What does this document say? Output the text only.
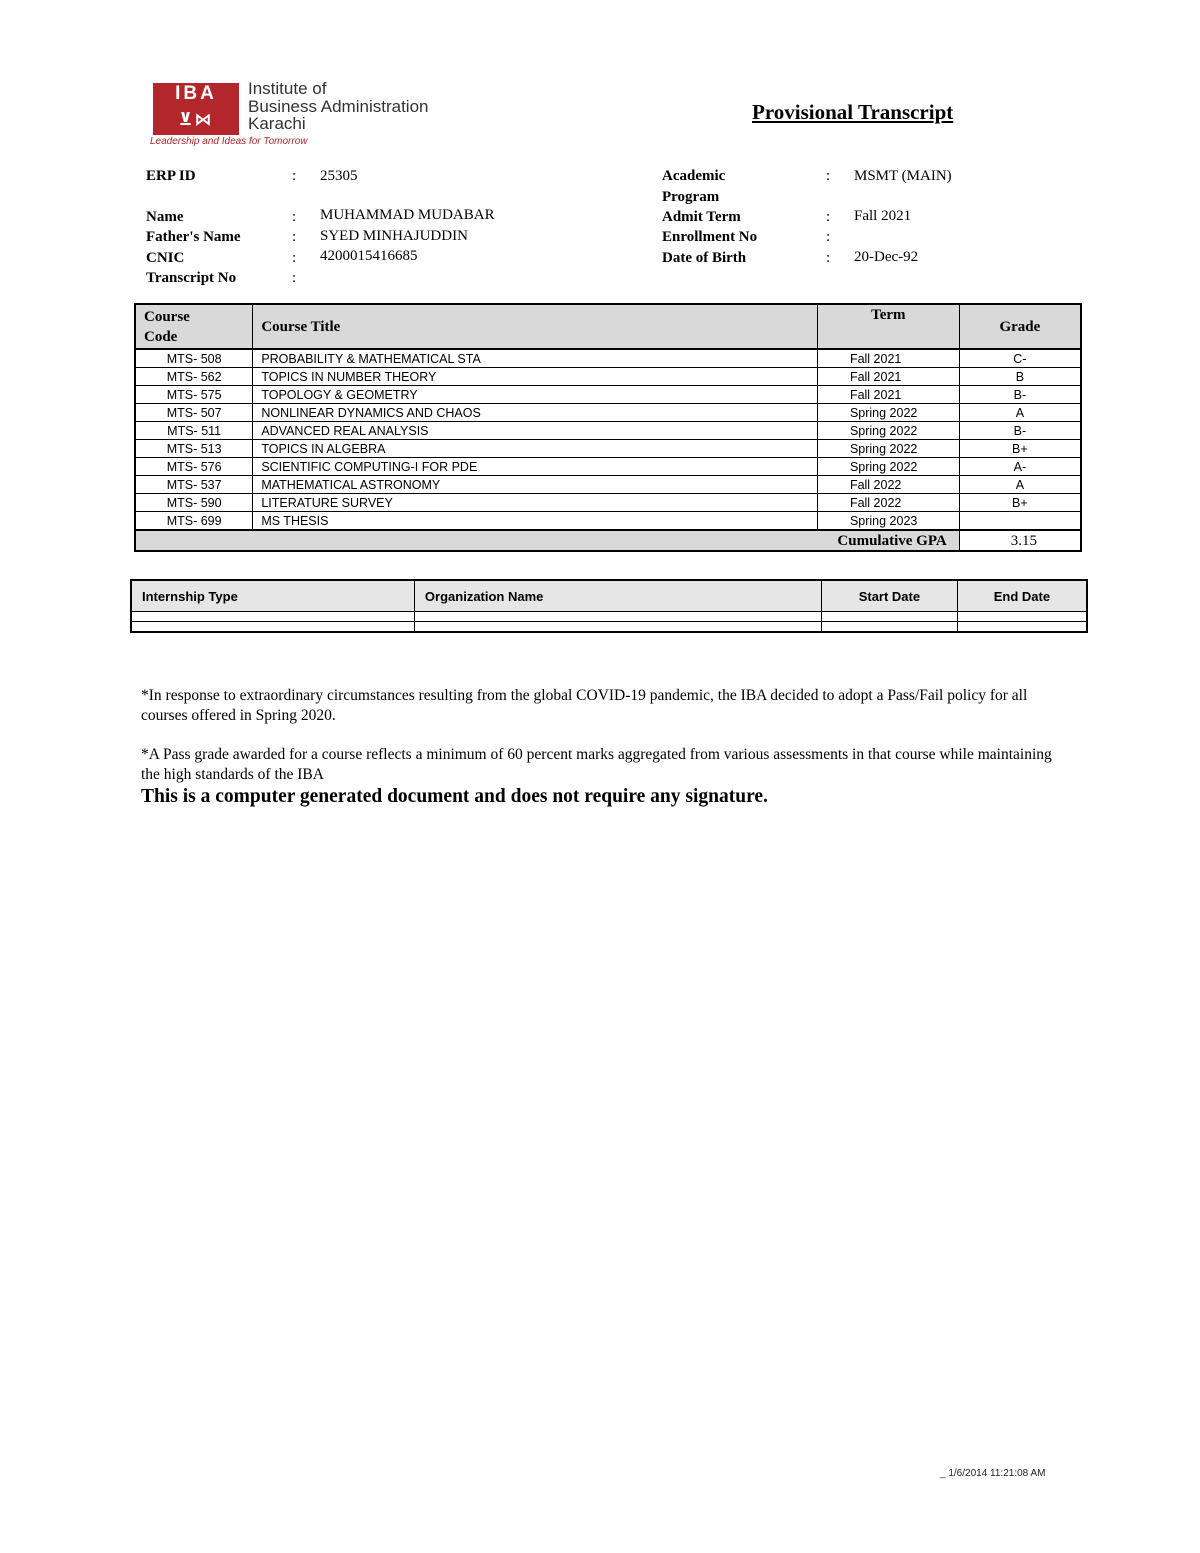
IBA
⊻⋈
Institute of
Business Administration
Karachi
Leadership and Ideas for Tomorrow
Provisional Transcript
ERP ID	: 25305
Name	: MUHAMMAD MUDABAR
Father's Name	: SYED MINHAJUDDIN
CNIC	: 4200015416685
Transcript No	:
Academic
Program
: MSMT (MAIN)
Admit Term	: Fall 2021
Enrollment No	:
Date of Birth	: 20-Dec-92
Course
Code	Course Title	Term	Grade
MTS- 508	PROBABILITY & MATHEMATICAL STA	Fall 2021	C-
MTS- 562	TOPICS IN NUMBER THEORY	Fall 2021	B
MTS- 575	TOPOLOGY & GEOMETRY	Fall 2021	B-
MTS- 507	NONLINEAR DYNAMICS AND CHAOS	Spring 2022	A
MTS- 511	ADVANCED REAL ANALYSIS	Spring 2022	B-
MTS- 513	TOPICS IN ALGEBRA	Spring 2022	B+
MTS- 576	SCIENTIFIC COMPUTING-I FOR PDE	Spring 2022	A-
MTS- 537	MATHEMATICAL ASTRONOMY	Fall 2022	A
MTS- 590	LITERATURE SURVEY	Fall 2022	B+
MTS- 699	MS THESIS	Spring 2023	
Cumulative GPA			3.15
Internship Type	Organization Name	Start Date	End Date

*In response to extraordinary circumstances resulting from the global COVID-19 pandemic, the IBA decided to adopt a Pass/Fail policy for all courses offered in Spring 2020.
*A Pass grade awarded for a course reflects a minimum of 60 percent marks aggregated from various assessments in that course while maintaining the high standards of the IBA
This is a computer generated document and does not require any signature.
_ 1/6/2014 11:21:08 AM
